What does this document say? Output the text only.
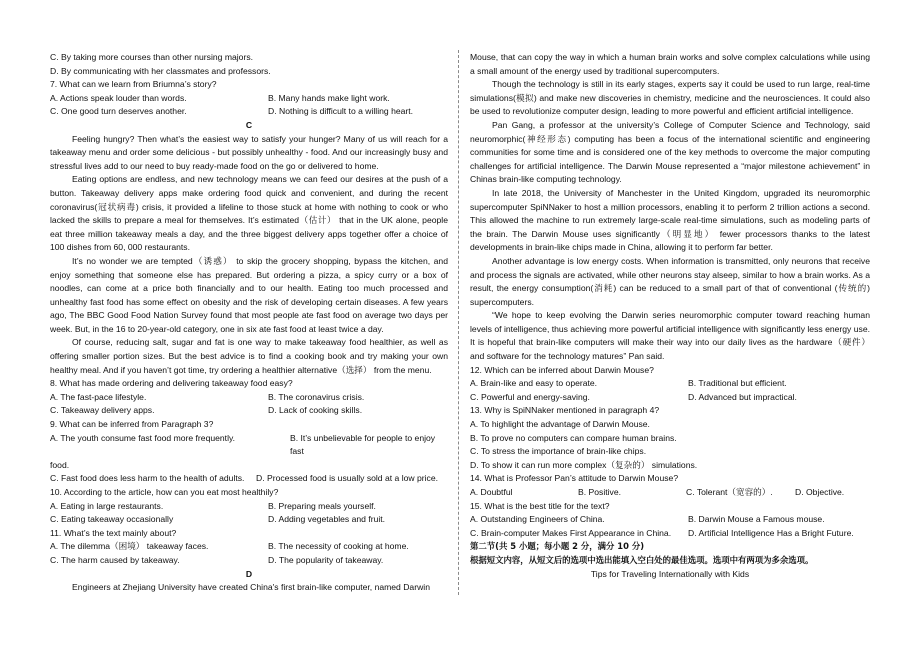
C. By taking more courses than other nursing majors.
D. By communicating with her classmates and professors.
7. What can we learn from Briumna’s story?
A. Actions speak louder than words.	B. Many hands make light work.
C. One good turn deserves another.	D. Nothing is difficult to a willing heart.
C
Feeling hungry? Then what’s the easiest way to satisfy your hunger? Many of us will reach for a takeaway menu and order some delicious - but possibly unhealthy - food. And our increasingly busy and stressful lives add to our need to buy ready-made food on the go or delivered to home.
Eating options are endless, and new technology means we can feed our desires at the push of a button. Takeaway delivery apps make ordering food quick and convenient, and during the recent coronavirus(冠状病毒) crisis, it provided a lifeline to those stuck at home with nothing to cook or who lacked the skills to prepare a meal for themselves. It’s estimated（估计） that in the UK alone, people eat three million takeaway meals a day, and the three biggest delivery apps together offer a choice of 100 dishes from 60, 000 restaurants.
It’s no wonder we are tempted（诱惑） to skip the grocery shopping, bypass the kitchen, and enjoy something that someone else has prepared. But ordering a pizza, a spicy curry or a box of noodles, can come at a price both financially and to our health. Eating too much processed and unhealthy fast food has some effect on obesity and the risk of developing certain diseases. A few years ago, The BBC Good Food Nation Survey found that most people ate fast food on average two days per week. But, in the 16 to 20-year-old category, one in six ate fast food at least twice a day.
Of course, reducing salt, sugar and fat is one way to make takeaway food healthier, as well as offering smaller portion sizes. But the best advice is to find a cooking book and try making your own healthy meal. And if you haven’t got time, try ordering a healthier alternative（选择） from the menu.
8. What has made ordering and delivering takeaway food easy?
A. The fast-pace lifestyle.	B. The coronavirus crisis.
C. Takeaway delivery apps.	D. Lack of cooking skills.
9. What can be inferred from Paragraph 3?
A. The youth consume fast food more frequently.	B. It’s unbelievable for people to enjoy fast
food.
C. Fast food does less harm to the health of adults.	D. Processed food is usually sold at a low price.
10. According to the article, how can you eat most healthily?
A. Eating in large restaurants.	B. Preparing meals yourself.
C. Eating takeaway occasionally	D. Adding vegetables and fruit.
11. What’s the text mainly about?
A. The dilemma（困境） takeaway faces.	B. The necessity of cooking at home.
C. The harm caused by takeaway.	D. The popularity of takeaway.
D
Engineers at Zhejiang University have created China's first brain-like computer, named Darwin
Mouse, that can copy the way in which a human brain works and solve complex calculations while using a small amount of the energy used by traditional supercomputers.
Though the technology is still in its early stages, experts say it could be used to run large, real-time simulations(模拟) and make new discoveries in chemistry, medicine and the neurosciences. It could also be used to revolutionize computer design, leading to more powerful and efficient artificial intelligence.
Pan Gang, a professor at the university’s College of Computer Science and Technology, said neuromorphic(神经形态) computing has been a focus of the international scientific and engineering communities for some time and is considered one of the key methods to overcome the major computing challenges for artificial intelligence. The Darwin Mouse represented a “major milestone achievement” in Chinas brain-like computing technology.
In late 2018, the University of Manchester in the United Kingdom, upgraded its neuromorphic supercomputer SpiNNaker to host a million processors, enabling it to perform 2 trillion actions a second. This allowed the machine to run extremely large-scale real-time simulations, such as modeling parts of the brain. The Darwin Mouse uses significantly（明显地） fewer processors thanks to the latest developments in brain-like chips made in China, allowing it to perform far better.
Another advantage is low energy costs. When information is transmitted, only neurons that receive and process the signals are activated, while other neurons stay alseep, similar to how a brain works. As a result, the energy consumption(消耗) can be reduced to a small part of that of conventional (传统的) supercomputers.
“We hope to keep evolving the Darwin series neuromorphic computer toward reaching human levels of intelligence, thus achieving more powerful artificial intelligence with significantly less energy use. It is hopeful that brain-like computers will make their way into our daily lives as the hardware（硬件） and software for the technology matures” Pan said.
12. Which can be inferred about Darwin Mouse?
A. Brain-like and easy to operate.	B. Traditional but efficient.
C. Powerful and energy-saving.	D. Advanced but impractical.
13. Why is SpiNNaker mentioned in paragraph 4?
A. To highlight the advantage of Darwin Mouse.
B. To prove no computers can compare human brains.
C. To stress the importance of brain-like chips.
D. To show it can run more complex（复杂的） simulations.
14. What is Professor Pan’s attitude to Darwin Mouse?
A. Doubtful	B. Positive.	C. Tolerant（宽容的）.	D. Objective.
15. What is the best title for the text?
A. Outstanding Engineers of China.	B. Darwin Mouse a Famous mouse.
C. Brain-computer Makes First Appearance in China.	D. Artificial Intelligence Has a Bright Future.
第二节(共 5 小题；每小题 2 分，满分 10 分)
根据短文内容，从短文后的选项中选出能填入空白处的最佳选项。选项中有两项为多余选项。
Tips for Traveling Internationally with Kids
